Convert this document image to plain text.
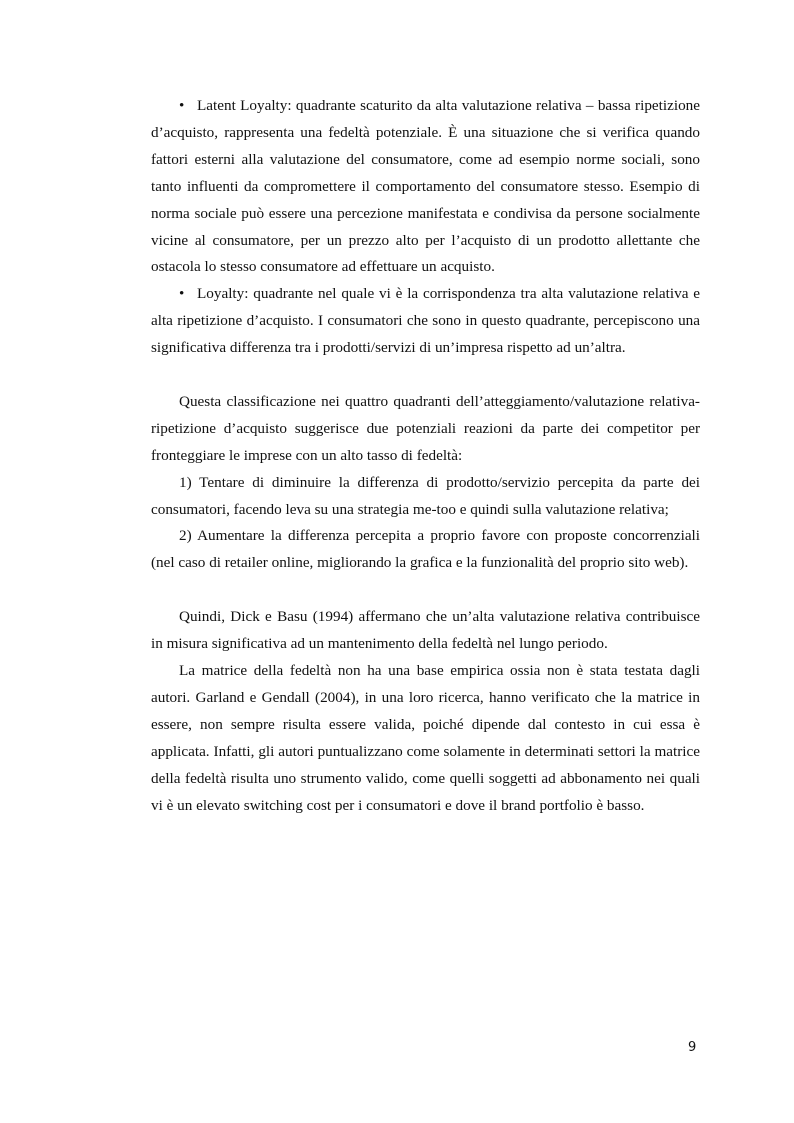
• Latent Loyalty: quadrante scaturito da alta valutazione relativa – bassa ripetizione d’acquisto, rappresenta una fedeltà potenziale. È una situazione che si verifica quando fattori esterni alla valutazione del consumatore, come ad esempio norme sociali, sono tanto influenti da compromettere il comportamento del consumatore stesso. Esempio di norma sociale può essere una percezione manifestata e condivisa da persone socialmente vicine al consumatore, per un prezzo alto per l’acquisto di un prodotto allettante che ostacola lo stesso consumatore ad effettuare un acquisto.

• Loyalty: quadrante nel quale vi è la corrispondenza tra alta valutazione relativa e alta ripetizione d’acquisto. I consumatori che sono in questo quadrante, percepiscono una significativa differenza tra i prodotti/servizi di un’impresa rispetto ad un’altra.

Questa classificazione nei quattro quadranti dell’atteggiamento/valutazione relativa-ripetizione d’acquisto suggerisce due potenziali reazioni da parte dei competitor per fronteggiare le imprese con un alto tasso di fedeltà:

1) Tentare di diminuire la differenza di prodotto/servizio percepita da parte dei consumatori, facendo leva su una strategia me-too e quindi sulla valutazione relativa;

2) Aumentare la differenza percepita a proprio favore con proposte concorrenziali (nel caso di retailer online, migliorando la grafica e la funzionalità del proprio sito web).

Quindi, Dick e Basu (1994) affermano che un’alta valutazione relativa contribuisce in misura significativa ad un mantenimento della fedeltà nel lungo periodo.

La matrice della fedeltà non ha una base empirica ossia non è stata testata dagli autori. Garland e Gendall (2004), in una loro ricerca, hanno verificato che la matrice in essere, non sempre risulta essere valida, poiché dipende dal contesto in cui essa è applicata. Infatti, gli autori puntualizzano come solamente in determinati settori la matrice della fedeltà risulta uno strumento valido, come quelli soggetti ad abbonamento nei quali vi è un elevato switching cost per i consumatori e dove il brand portfolio è basso.

9
